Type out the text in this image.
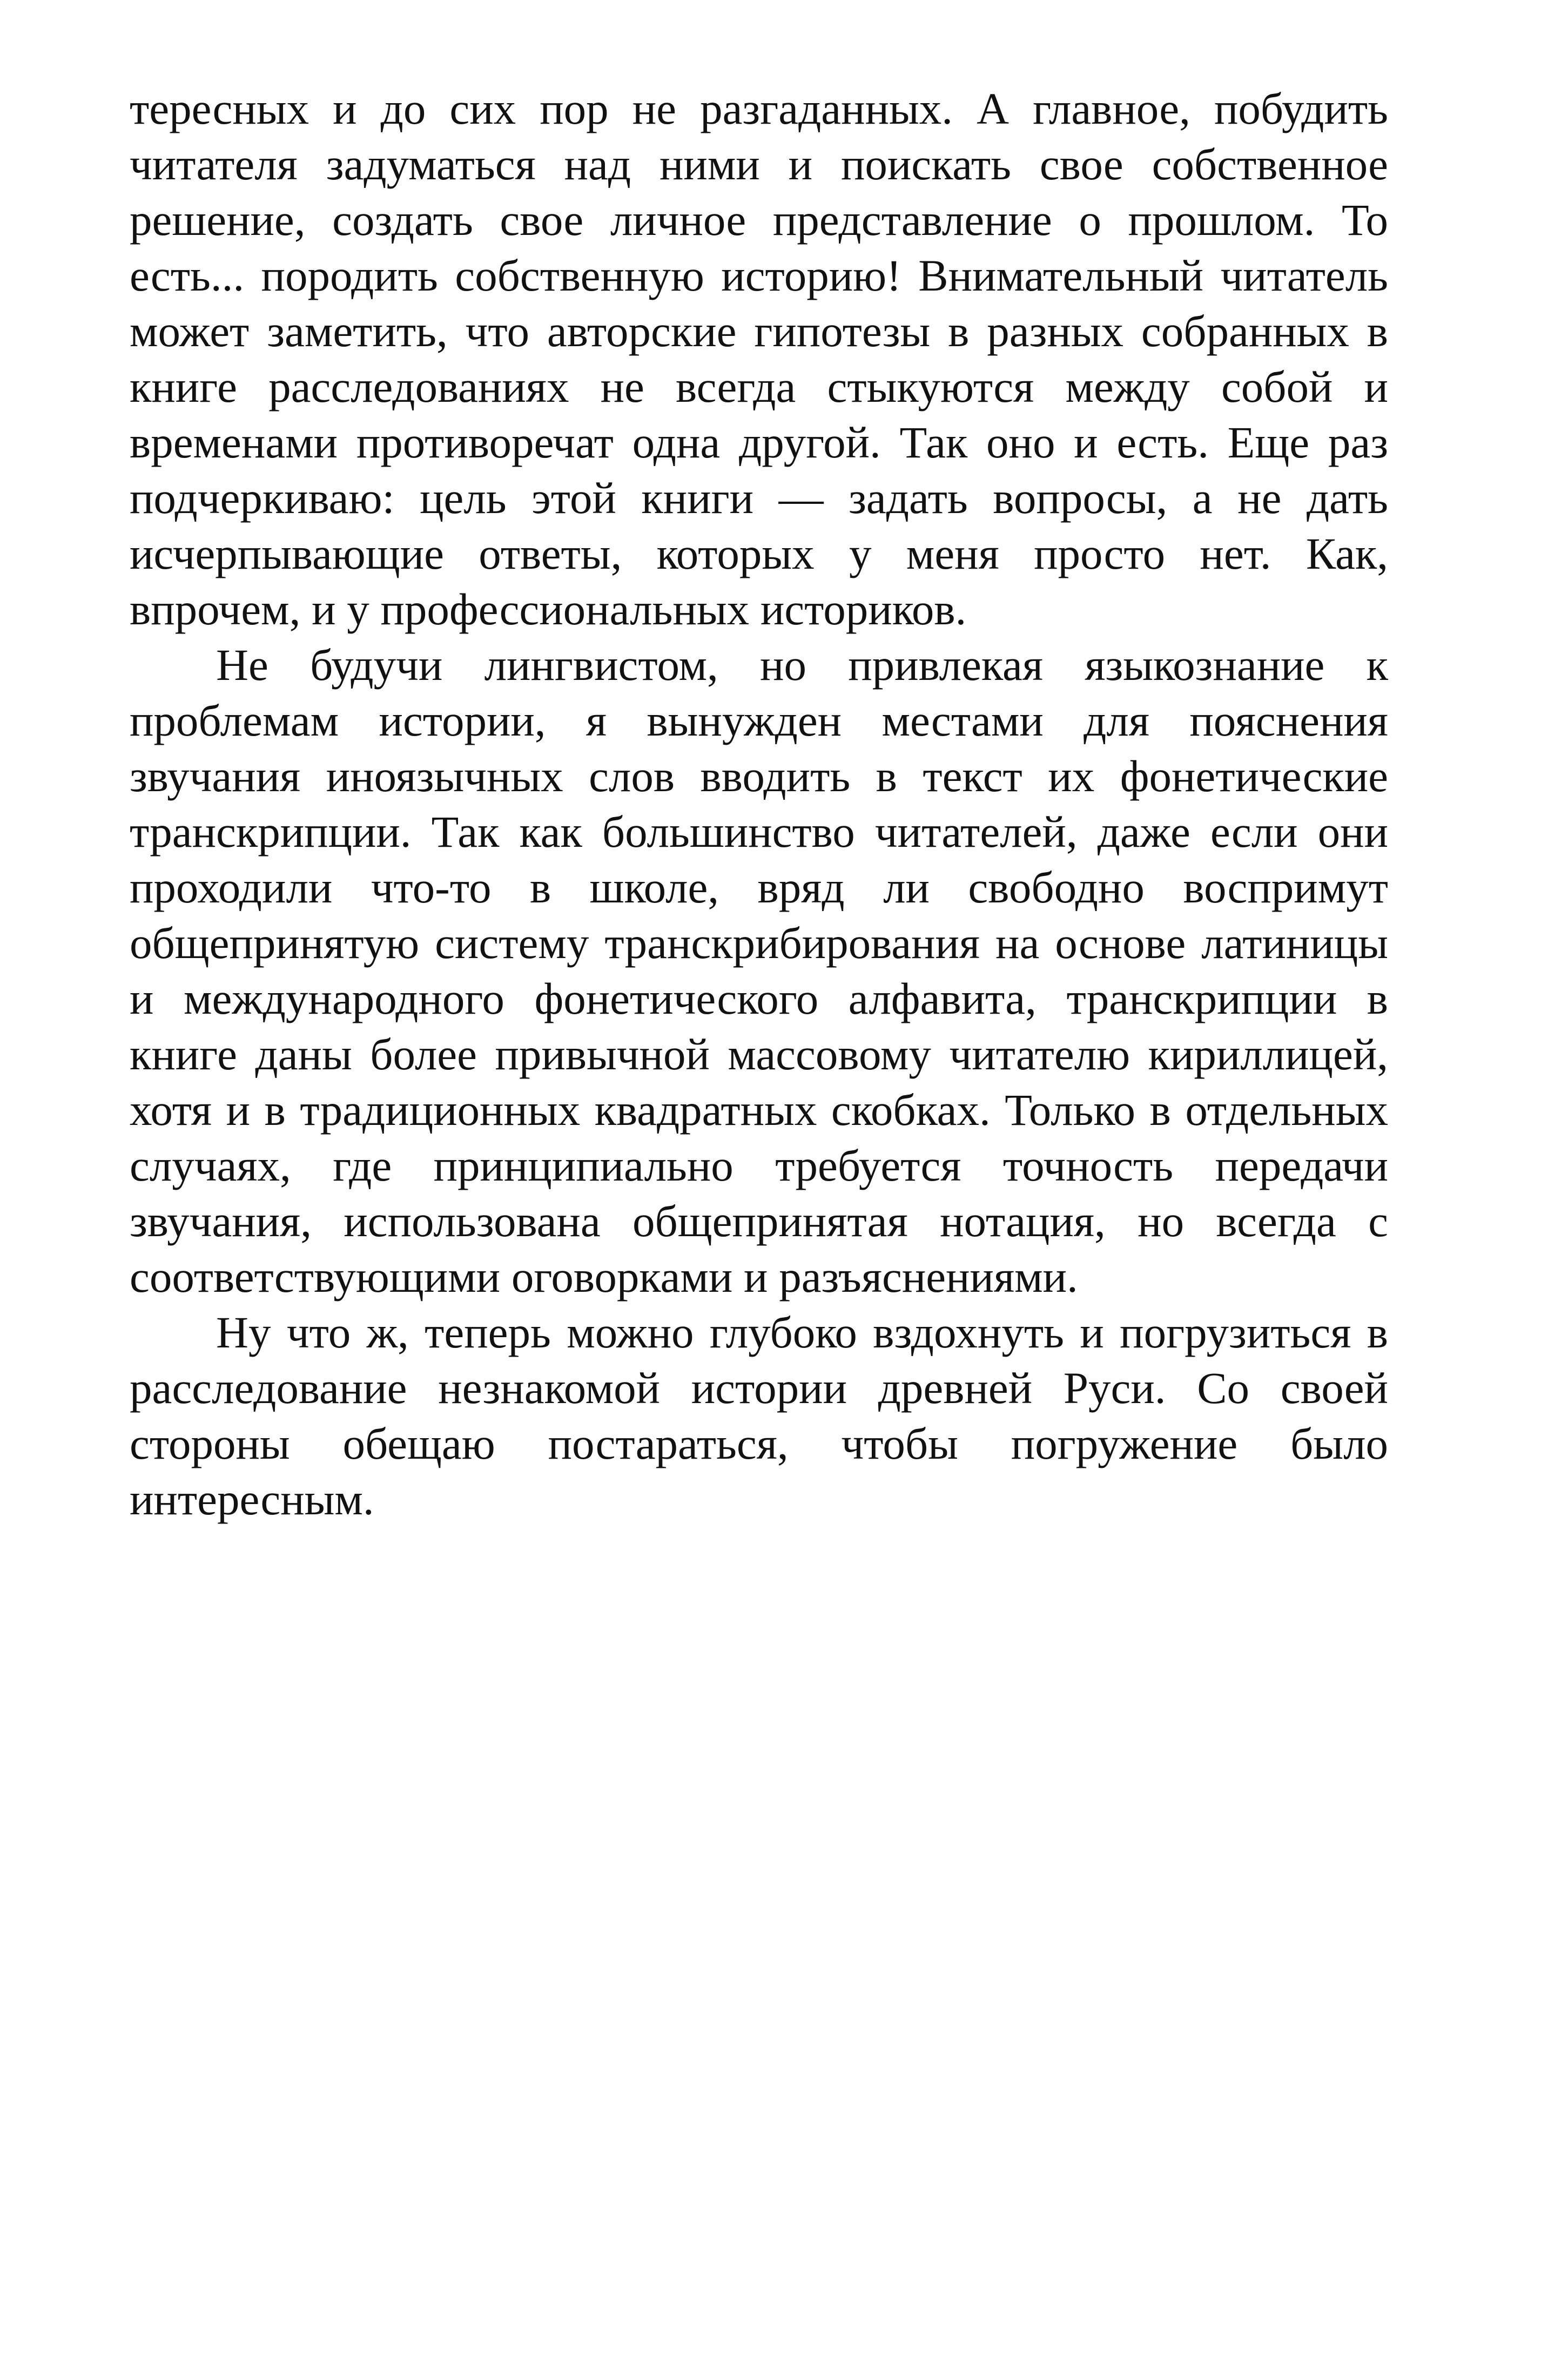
тересных и до сих пор не разгаданных. А главное, побудить читателя задуматься над ними и поискать свое собственное решение, создать свое личное представление о прошлом. То есть... породить собственную историю! Внимательный читатель может заметить, что авторские гипотезы в разных собранных в книге расследованиях не всегда стыкуются между собой и временами противоречат одна другой. Так оно и есть. Еще раз подчеркиваю: цель этой книги — задать вопросы, а не дать исчерпывающие ответы, которых у меня просто нет. Как, впрочем, и у профессиональных историков.

Не будучи лингвистом, но привлекая языкознание к проблемам истории, я вынужден местами для пояснения звучания иноязычных слов вводить в текст их фонетические транскрипции. Так как большинство читателей, даже если они проходили что-то в школе, вряд ли свободно воспримут общепринятую систему транскрибирования на основе латиницы и международного фонетического алфавита, транскрипции в книге даны более привычной массовому читателю кириллицей, хотя и в традиционных квадратных скобках. Только в отдельных случаях, где принципиально требуется точность передачи звучания, использована общепринятая нотация, но всегда с соответствующими оговорками и разъяснениями.

Ну что ж, теперь можно глубоко вздохнуть и погрузиться в расследование незнакомой истории древней Руси. Со своей стороны обещаю постараться, чтобы погружение было интересным.
